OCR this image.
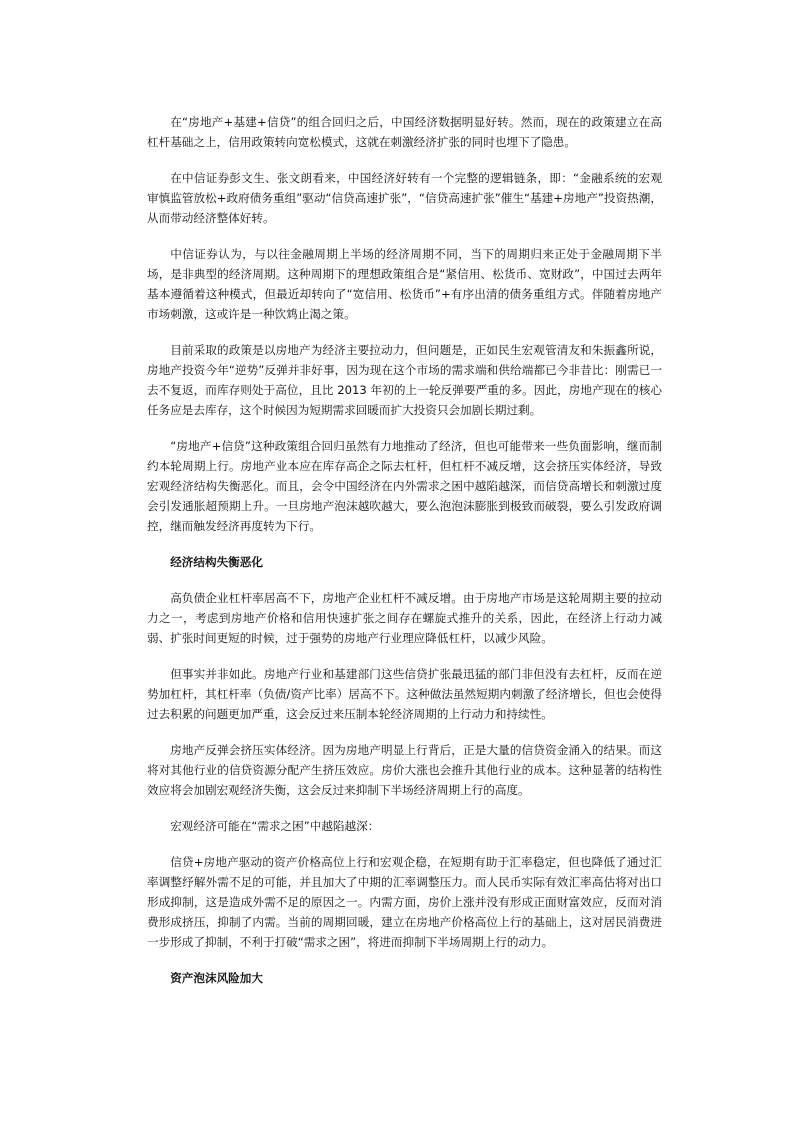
在“房地产+基建+信贷”的组合回归之后，中国经济数据明显好转。然而，现在的政策建立在高杠杆基础之上，信用政策转向宽松模式，这就在刺激经济扩张的同时也埋下了隐患。

在中信证券彭文生、张文朗看来，中国经济好转有一个完整的逻辑链条，即：“金融系统的宏观审慎监管放松+政府债务重组”驱动“信贷高速扩张”，“信贷高速扩张”催生“基建+房地产”投资热潮，从而带动经济整体好转。

中信证券认为，与以往金融周期上半场的经济周期不同，当下的周期归来正处于金融周期下半场，是非典型的经济周期。这种周期下的理想政策组合是“紧信用、松货币、宽财政”，中国过去两年基本遵循着这种模式，但最近却转向了“宽信用、松货币”+有序出清的债务重组方式。伴随着房地产市场刺激，这或许是一种饮鸩止渴之策。

目前采取的政策是以房地产为经济主要拉动力，但问题是，正如民生宏观管清友和朱振鑫所说，房地产投资今年“逆势”反弹并非好事，因为现在这个市场的需求端和供给端都已今非昔比：刚需已一去不复返，而库存则处于高位，且比 2013 年初的上一轮反弹要严重的多。因此，房地产现在的核心任务应是去库存，这个时候因为短期需求回暖而扩大投资只会加剧长期过剩。

“房地产+信贷”这种政策组合回归虽然有力地推动了经济，但也可能带来一些负面影响，继而制约本轮周期上行。房地产业本应在库存高企之际去杠杆，但杠杆不减反增，这会挤压实体经济，导致宏观经济结构失衡恶化。而且，会令中国经济在内外需求之困中越陷越深，而信贷高增长和刺激过度会引发通胀超预期上升。一旦房地产泡沫越吹越大，要么泡泡沫膨胀到极致而破裂，要么引发政府调控，继而触发经济再度转为下行。

经济结构失衡恶化

高负债企业杠杆率居高不下，房地产企业杠杆不减反增。由于房地产市场是这轮周期主要的拉动力之一，考虑到房地产价格和信用快速扩张之间存在螺旋式推升的关系，因此，在经济上行动力减弱、扩张时间更短的时候，过于强势的房地产行业理应降低杠杆，以减少风险。

但事实并非如此。房地产行业和基建部门这些信贷扩张最迅猛的部门非但没有去杠杆，反而在逆势加杠杆，其杠杆率（负债/资产比率）居高不下。这种做法虽然短期内刺激了经济增长，但也会使得过去积累的问题更加严重，这会反过来压制本轮经济周期的上行动力和持续性。

房地产反弹会挤压实体经济。因为房地产明显上行背后，正是大量的信贷资金涌入的结果。而这将对其他行业的信贷资源分配产生挤压效应。房价大涨也会推升其他行业的成本。这种显著的结构性效应将会加剧宏观经济失衡，这会反过来抑制下半场经济周期上行的高度。

宏观经济可能在“需求之困”中越陷越深：

信贷+房地产驱动的资产价格高位上行和宏观企稳，在短期有助于汇率稳定，但也降低了通过汇率调整纾解外需不足的可能，并且加大了中期的汇率调整压力。而人民币实际有效汇率高估将对出口形成抑制，这是造成外需不足的原因之一。内需方面，房价上涨并没有形成正面财富效应，反而对消费形成挤压，抑制了内需。当前的周期回暖，建立在房地产价格高位上行的基础上，这对居民消费进一步形成了抑制，不利于打破“需求之困”，将进而抑制下半场周期上行的动力。

资产泡沫风险加大
